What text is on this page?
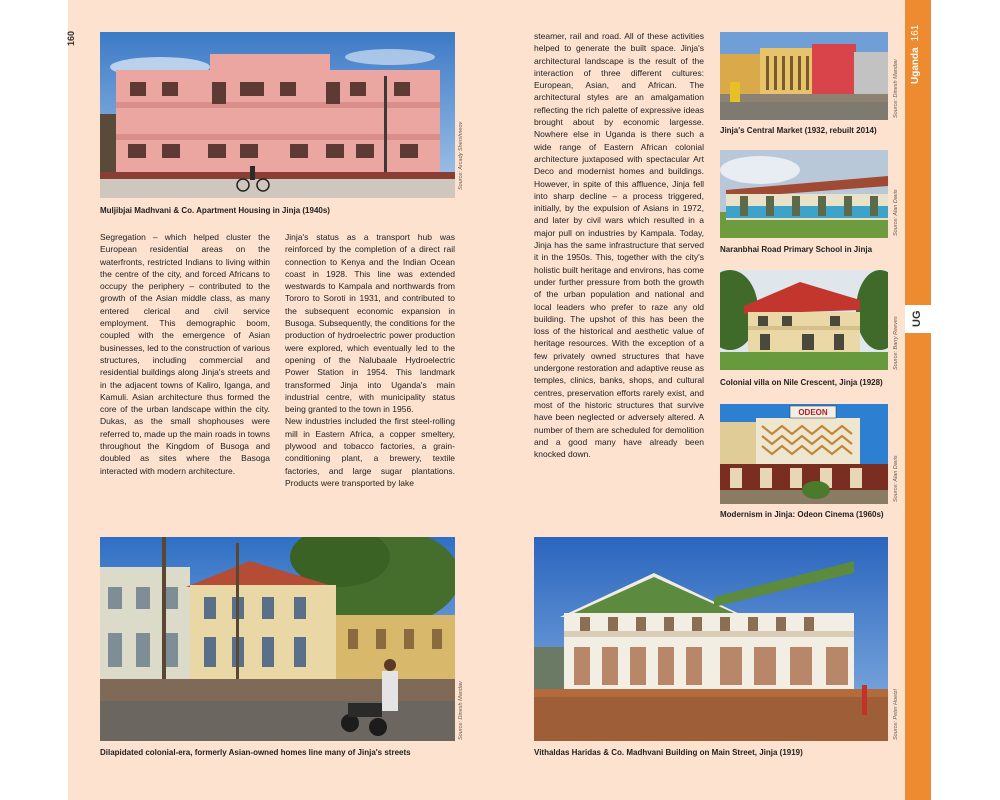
160
Uganda161
UG
Source: Arcady Shershneov
Muljibjai Madhvani & Co. Apartment Housing in Jinja (1940s)

Segregation – which helped cluster the European residential areas on the waterfronts, restricted Indians to living within the centre of the city, and forced Africans to occupy the periphery – contributed to the growth of the Asian middle class, as many entered clerical and civil service employment. This demographic boom, coupled with the emergence of Asian businesses, led to the construction of various structures, including commercial and residential buildings along Jinja's streets and in the adjacent towns of Kaliro, Iganga, and Kamuli. Asian architecture thus formed the core of the urban landscape within the city. Dukas, as the small shophouses were referred to, made up the main roads in towns throughout the Kingdom of Busoga and doubled as sites where the Basoga interacted with modern architecture.

Jinja's status as a transport hub was reinforced by the completion of a direct rail connection to Kenya and the Indian Ocean coast in 1928. This line was extended westwards to Kampala and northwards from Tororo to Soroti in 1931, and contributed to the subsequent economic expansion in Busoga. Subsequently, the conditions for the production of hydroelectric power production were explored, which eventually led to the opening of the Nalubaale Hydroelectric Power Station in 1954. This landmark transformed Jinja into Uganda's main industrial centre, with municipality status being granted to the town in 1956.

New industries included the first steel-rolling mill in Eastern Africa, a copper smeltery, plywood and tobacco factories, a grain-conditioning plant, a brewery, textile factories, and large sugar plantations. Products were transported by lake

steamer, rail and road. All of these activities helped to generate the built space. Jinja's architectural landscape is the result of the interaction of three different cultures: European, Asian, and African. The architectural styles are an amalgamation reflecting the rich palette of expressive ideas brought about by economic largesse. Nowhere else in Uganda is there such a wide range of Eastern African colonial architecture juxtaposed with spectacular Art Deco and modernist homes and buildings. However, in spite of this affluence, Jinja fell into sharp decline – a process triggered, initially, by the expulsion of Asians in 1972, and later by civil wars which resulted in a major pull on industries by Kampala. Today, Jinja has the same infrastructure that served it in the 1950s. This, together with the city's holistic built heritage and environs, has come under further pressure from both the growth of the urban population and national and local leaders who prefer to raze any old building. The upshot of this has been the loss of the historical and aesthetic value of heritage resources. With the exception of a few privately owned structures that have undergone restoration and adaptive reuse as temples, clinics, banks, shops, and cultural centres, preservation efforts rarely exist, and most of the historic structures that survive have been neglected or adversely altered. A number of them are scheduled for demolition and a good many have already been knocked down.

Source: Dinesh Mandav
Jinja's Central Market (1932, rebuilt 2014)
Source: Alan Davis
Naranbhai Road Primary School in Jinja
Source: Barry Reeves
Colonial villa on Nile Crescent, Jinja (1928)
ODEON
Source: Alan Davis
Modernism in Jinja: Odeon Cinema (1960s)
Source: Dinesh Mandav
Dilapidated colonial-era, formerly Asian-owned homes line many of Jinja's streets
Source: Peter Hoetzl
Vithaldas Haridas & Co. Madhvani Building on Main Street, Jinja (1919)
